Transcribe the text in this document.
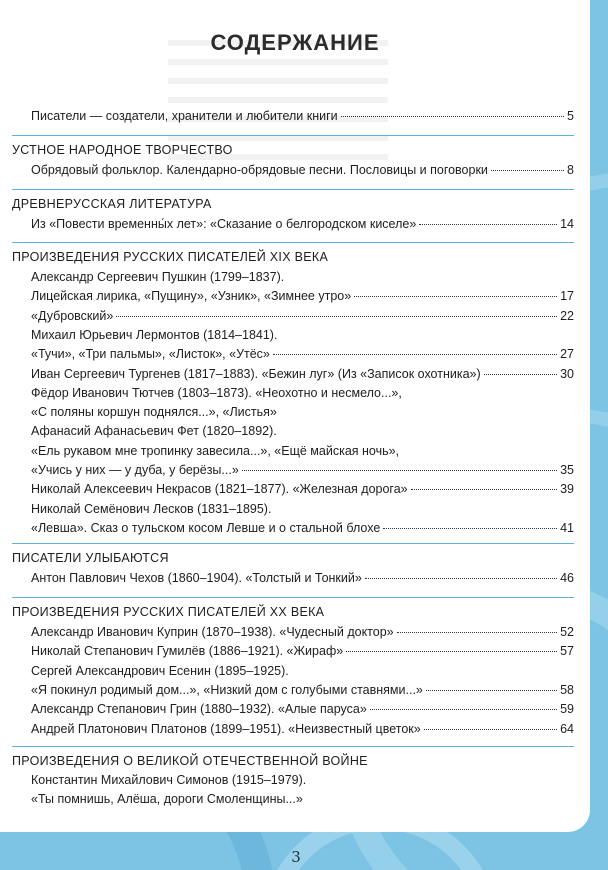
СОДЕРЖАНИЕ
Писатели — создатели, хранители и любители книги	5
УСТНОЕ НАРОДНОЕ ТВОРЧЕСТВО
Обрядовый фольклор. Календарно-обрядовые песни. Пословицы и поговорки	8
ДРЕВНЕРУССКАЯ ЛИТЕРАТУРА
Из «Повести временны́х лет»: «Сказание о белгородском киселе»	14
ПРОИЗВЕДЕНИЯ РУССКИХ ПИСАТЕЛЕЙ XIX ВЕКА
Александр Сергеевич Пушкин (1799–1837).
Лицейская лирика, «Пущину», «Узник», «Зимнее утро»	17
«Дубровский»	22
Михаил Юрьевич Лермонтов (1814–1841).
«Тучи», «Три пальмы», «Листок», «Утёс»	27
Иван Сергеевич Тургенев (1817–1883). «Бежин луг» (Из «Записок охотника»)	30
Фёдор Иванович Тютчев (1803–1873). «Неохотно и несмело...»,
«С поляны коршун поднялся...», «Листья»
Афанасий Афанасьевич Фет (1820–1892).
«Ель рукавом мне тропинку завесила...», «Ещё майская ночь»,
«Учись у них — у дуба, у берёзы...»	35
Николай Алексеевич Некрасов (1821–1877). «Железная дорога»	39
Николай Семёнович Лесков (1831–1895).
«Левша». Сказ о тульском косом Левше и о стальной блохе	41
ПИСАТЕЛИ УЛЫБАЮТСЯ
Антон Павлович Чехов (1860–1904). «Толстый и Тонкий»	46
ПРОИЗВЕДЕНИЯ РУССКИХ ПИСАТЕЛЕЙ XX ВЕКА
Александр Иванович Куприн (1870–1938). «Чудесный доктор»	52
Николай Степанович Гумилёв (1886–1921). «Жираф»	57
Сергей Александрович Есенин (1895–1925).
«Я покинул родимый дом...», «Низкий дом с голубыми ставнями...»	58
Александр Степанович Грин (1880–1932). «Алые паруса»	59
Андрей Платонович Платонов (1899–1951). «Неизвестный цветок»	64
ПРОИЗВЕДЕНИЯ О ВЕЛИКОЙ ОТЕЧЕСТВЕННОЙ ВОЙНЕ
Константин Михайлович Симонов (1915–1979).
«Ты помнишь, Алёша, дороги Смоленщины...»
3
